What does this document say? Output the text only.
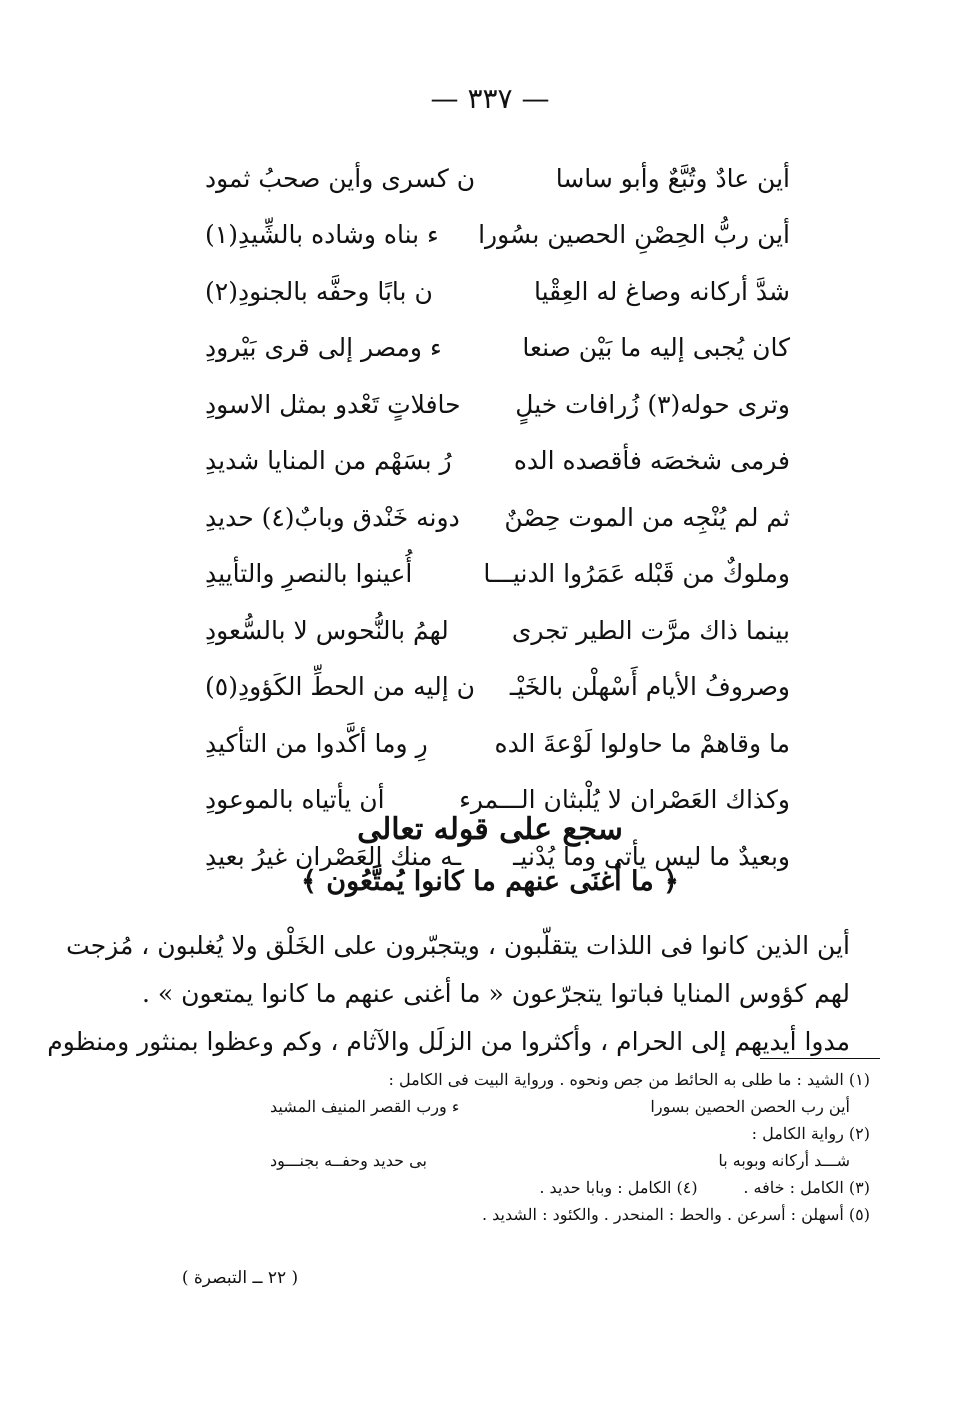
— ٣٣٧ —
أين عادٌ وتُبَّعٌ وأبو ساسا
ن كسرى وأين صحبُ ثمود
أين ربُّ الحِصْنِ الحصين بسُورا
ء بناه وشاده بالشِّيدِ(١)
شدَّ أركانه وصاغ له العِقْيا
ن بابًا وحفَّه بالجنودِ(٢)
كان يُجبى إليه ما بَيْن صنعا
ء ومصر إلى قرى بَيْرودِ
وترى حوله(٣) زُرافات خيلٍ
حافلاتٍ تَعْدو بمثل الاسودِ
فرمى شخصَه فأقصده الده
رُ بسَهْم من المنايا شديدِ
ثم لم يُنْجِه من الموت حِصْنٌ
دونه خَنْدق وبابٌ(٤) حديدِ
وملوكٌ من قَبْله عَمَرُوا الدنيـــا
أُعينوا بالنصرِ والتأييدِ
بينما ذاك مرَّت الطير تجرى
لهمُ بالنُّحوس لا بالسُّعودِ
وصروفُ الأيام أَسْهلْن بالخَيْـ
ن إليه من الحطِّ الكَؤودِ(٥)
ما وقاهمْ ما حاولوا لَوْعةَ الده
رِ وما أكَّدوا من التأكيدِ
وكذاك العَصْران لا يُلْبثان الـــمرء
أن يأتياه بالموعودِ
وبعيدٌ ما ليس يأتى وما يُدْنيـ
ـه منك العَصْران غيرُ بعيدِ
سجع على قوله تعالى
﴿ ما أغنَى عنهم ما كانوا يُمتَّعُون ﴾
أين الذين كانوا فى اللذات يتقلّبون ، ويتجبّرون على الخَلْق ولا يُغلبون ، مُزجت
لهم كؤوس المنايا فباتوا يتجرّعون « ما أغنى عنهم ما كانوا يمتعون » .
مدوا أيديهم إلى الحرام ، وأكثروا من الزلَل والآثام ، وكم وعظوا بمنثور ومنظوم
(١) الشيد : ما طلى به الحائط من جص ونحوه . ورواية البيت فى الكامل :
أين رب الحصن الحصين بسورا
ء ورب القصر المنيف المشيد
(٢) رواية الكامل :
شـــد أركانه وبوبه با
بى حديد وحفــه بجنـــود
(٣) الكامل : خافه .         (٤) الكامل : وبابا حديد .
(٥) أسهلن : أسرعن . والحط : المنحدر . والكئود : الشديد .
( ٢٢ ــ التبصرة )
